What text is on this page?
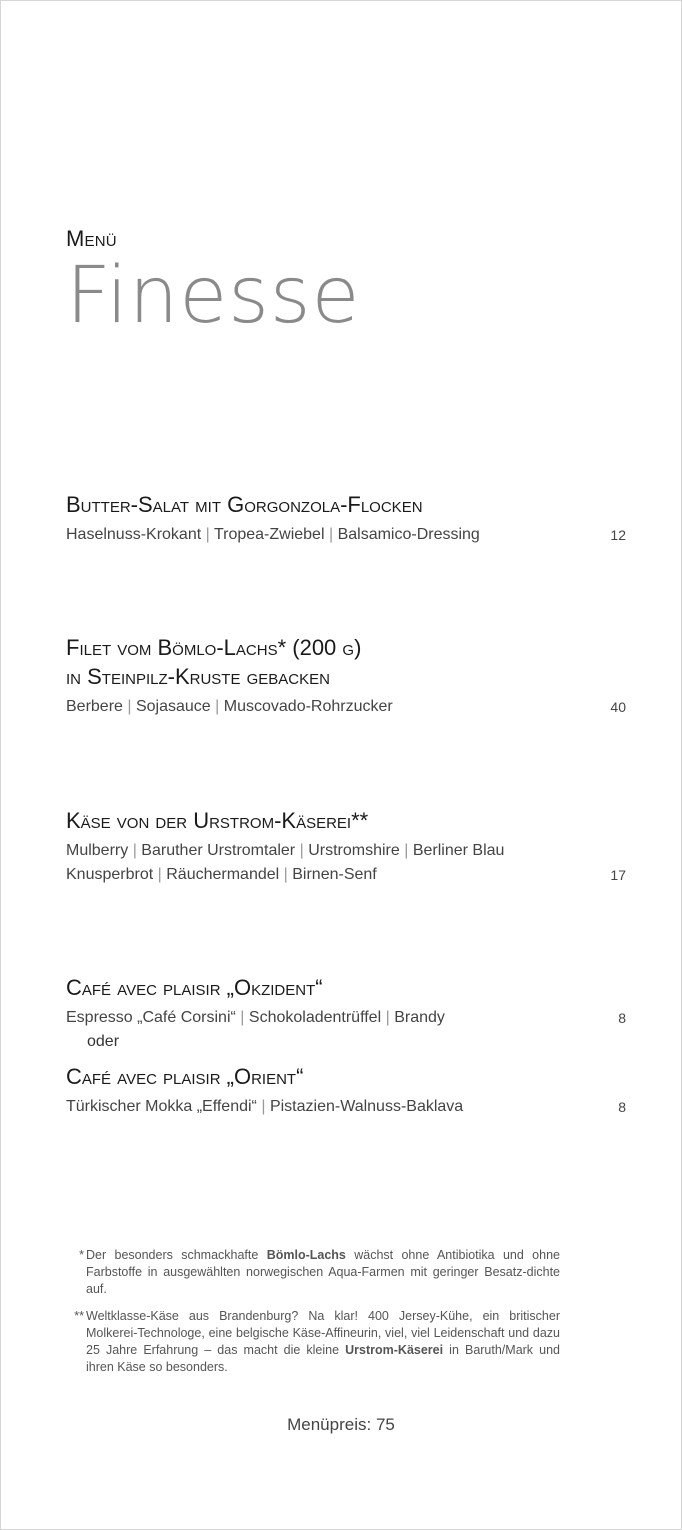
Menü
Finesse
Butter-Salat mit Gorgonzola-Flocken
Haselnuss-Krokant | Tropea-Zwiebel | Balsamico-Dressing	12
Filet vom Bömlo-Lachs* (200 g)
in Steinpilz-Kruste gebacken
Berbere | Sojasauce | Muscovado-Rohrzucker	40
Käse von der Urstrom-Käserei**
Mulberry | Baruther Urstromtaler | Urstromshire | Berliner Blau
Knusperbrot | Räuchermandel | Birnen-Senf	17
Café avec plaisir „Okzident“
Espresso „Café Corsini“ | Schokoladentrüffel | Brandy	8
oder
Café avec plaisir „Orient“
Türkischer Mokka „Effendi“ | Pistazien-Walnuss-Baklava	8
* Der besonders schmackhafte Bömlo-Lachs wächst ohne Antibiotika und ohne Farbstoffe in ausgewählten norwegischen Aqua-Farmen mit geringer Besatz-dichte auf.
** Weltklasse-Käse aus Brandenburg? Na klar! 400 Jersey-Kühe, ein britischer Molkerei-Technologe, eine belgische Käse-Affineurin, viel, viel Leidenschaft und dazu 25 Jahre Erfahrung – das macht die kleine Urstrom-Käserei in Baruth/Mark und ihren Käse so besonders.
Menüpreis: 75
